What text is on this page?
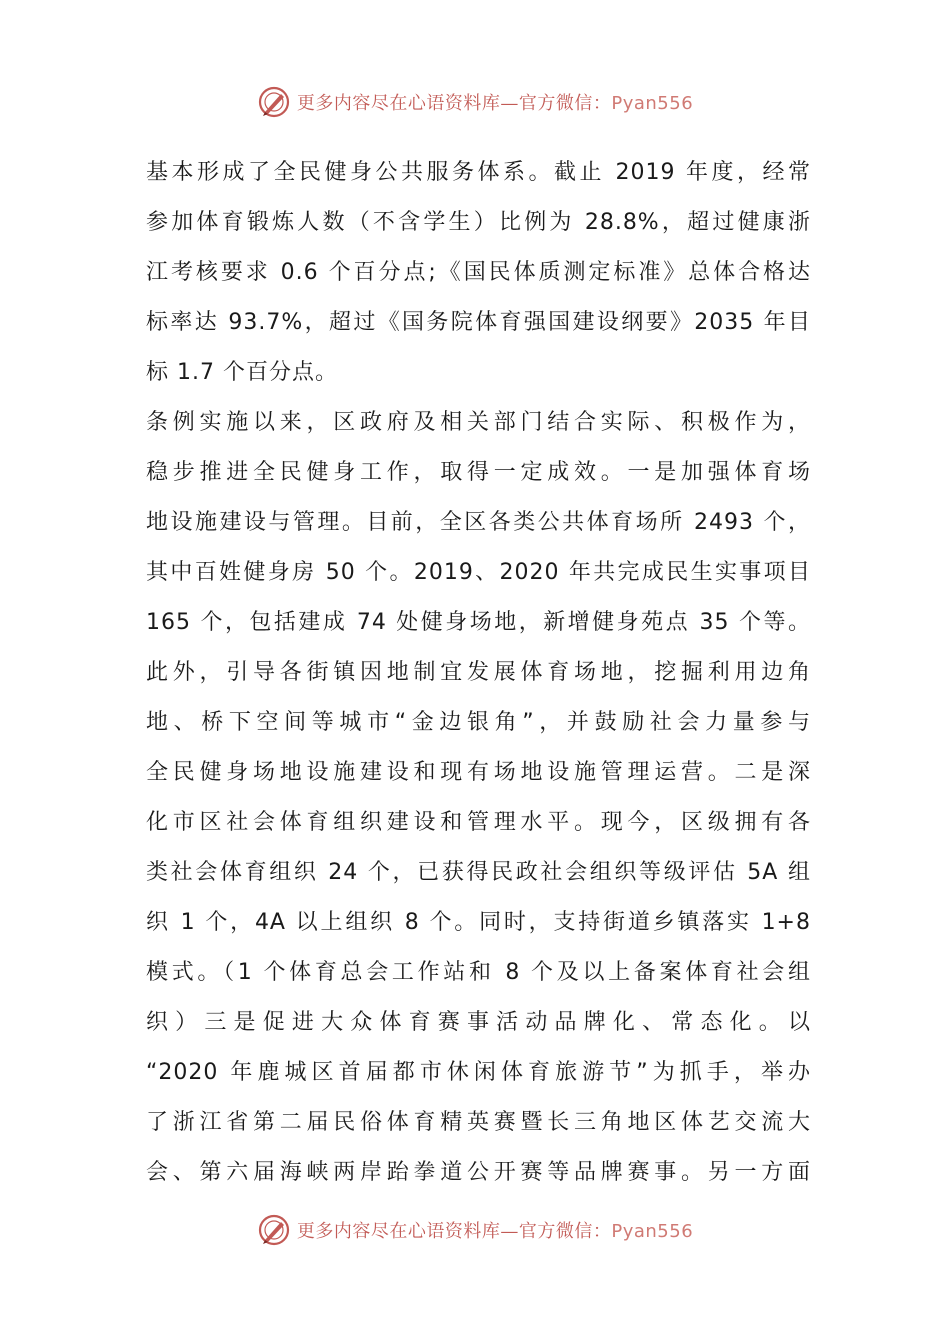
更多内容尽在心语资料库—官方微信：Pyan556
基本形成了全民健身公共服务体系。截止 2019 年度，经常
参加体育锻炼人数（不含学生）比例为 28.8%，超过健康浙
江考核要求 0.6 个百分点;《国民体质测定标准》总体合格达
标率达 93.7%，超过《国务院体育强国建设纲要》2035 年目
标 1.7 个百分点。
条例实施以来，区政府及相关部门结合实际、积极作为，
稳步推进全民健身工作，取得一定成效。一是加强体育场
地设施建设与管理。目前，全区各类公共体育场所 2493 个，
其中百姓健身房 50 个。2019、2020 年共完成民生实事项目
165 个，包括建成 74 处健身场地，新增健身苑点 35 个等。
此外，引导各街镇因地制宜发展体育场地，挖掘利用边角
地、桥下空间等城市“金边银角”，并鼓励社会力量参与
全民健身场地设施建设和现有场地设施管理运营。二是深
化市区社会体育组织建设和管理水平。现今，区级拥有各
类社会体育组织 24 个，已获得民政社会组织等级评估 5A 组
织 1 个，4A 以上组织 8 个。同时，支持街道乡镇落实 1+8
模式。（1 个体育总会工作站和 8 个及以上备案体育社会组
织）三是促进大众体育赛事活动品牌化、常态化。以
“2020 年鹿城区首届都市休闲体育旅游节”为抓手，举办
了浙江省第二届民俗体育精英赛暨长三角地区体艺交流大
会、第六届海峡两岸跆拳道公开赛等品牌赛事。另一方面
更多内容尽在心语资料库—官方微信：Pyan556
